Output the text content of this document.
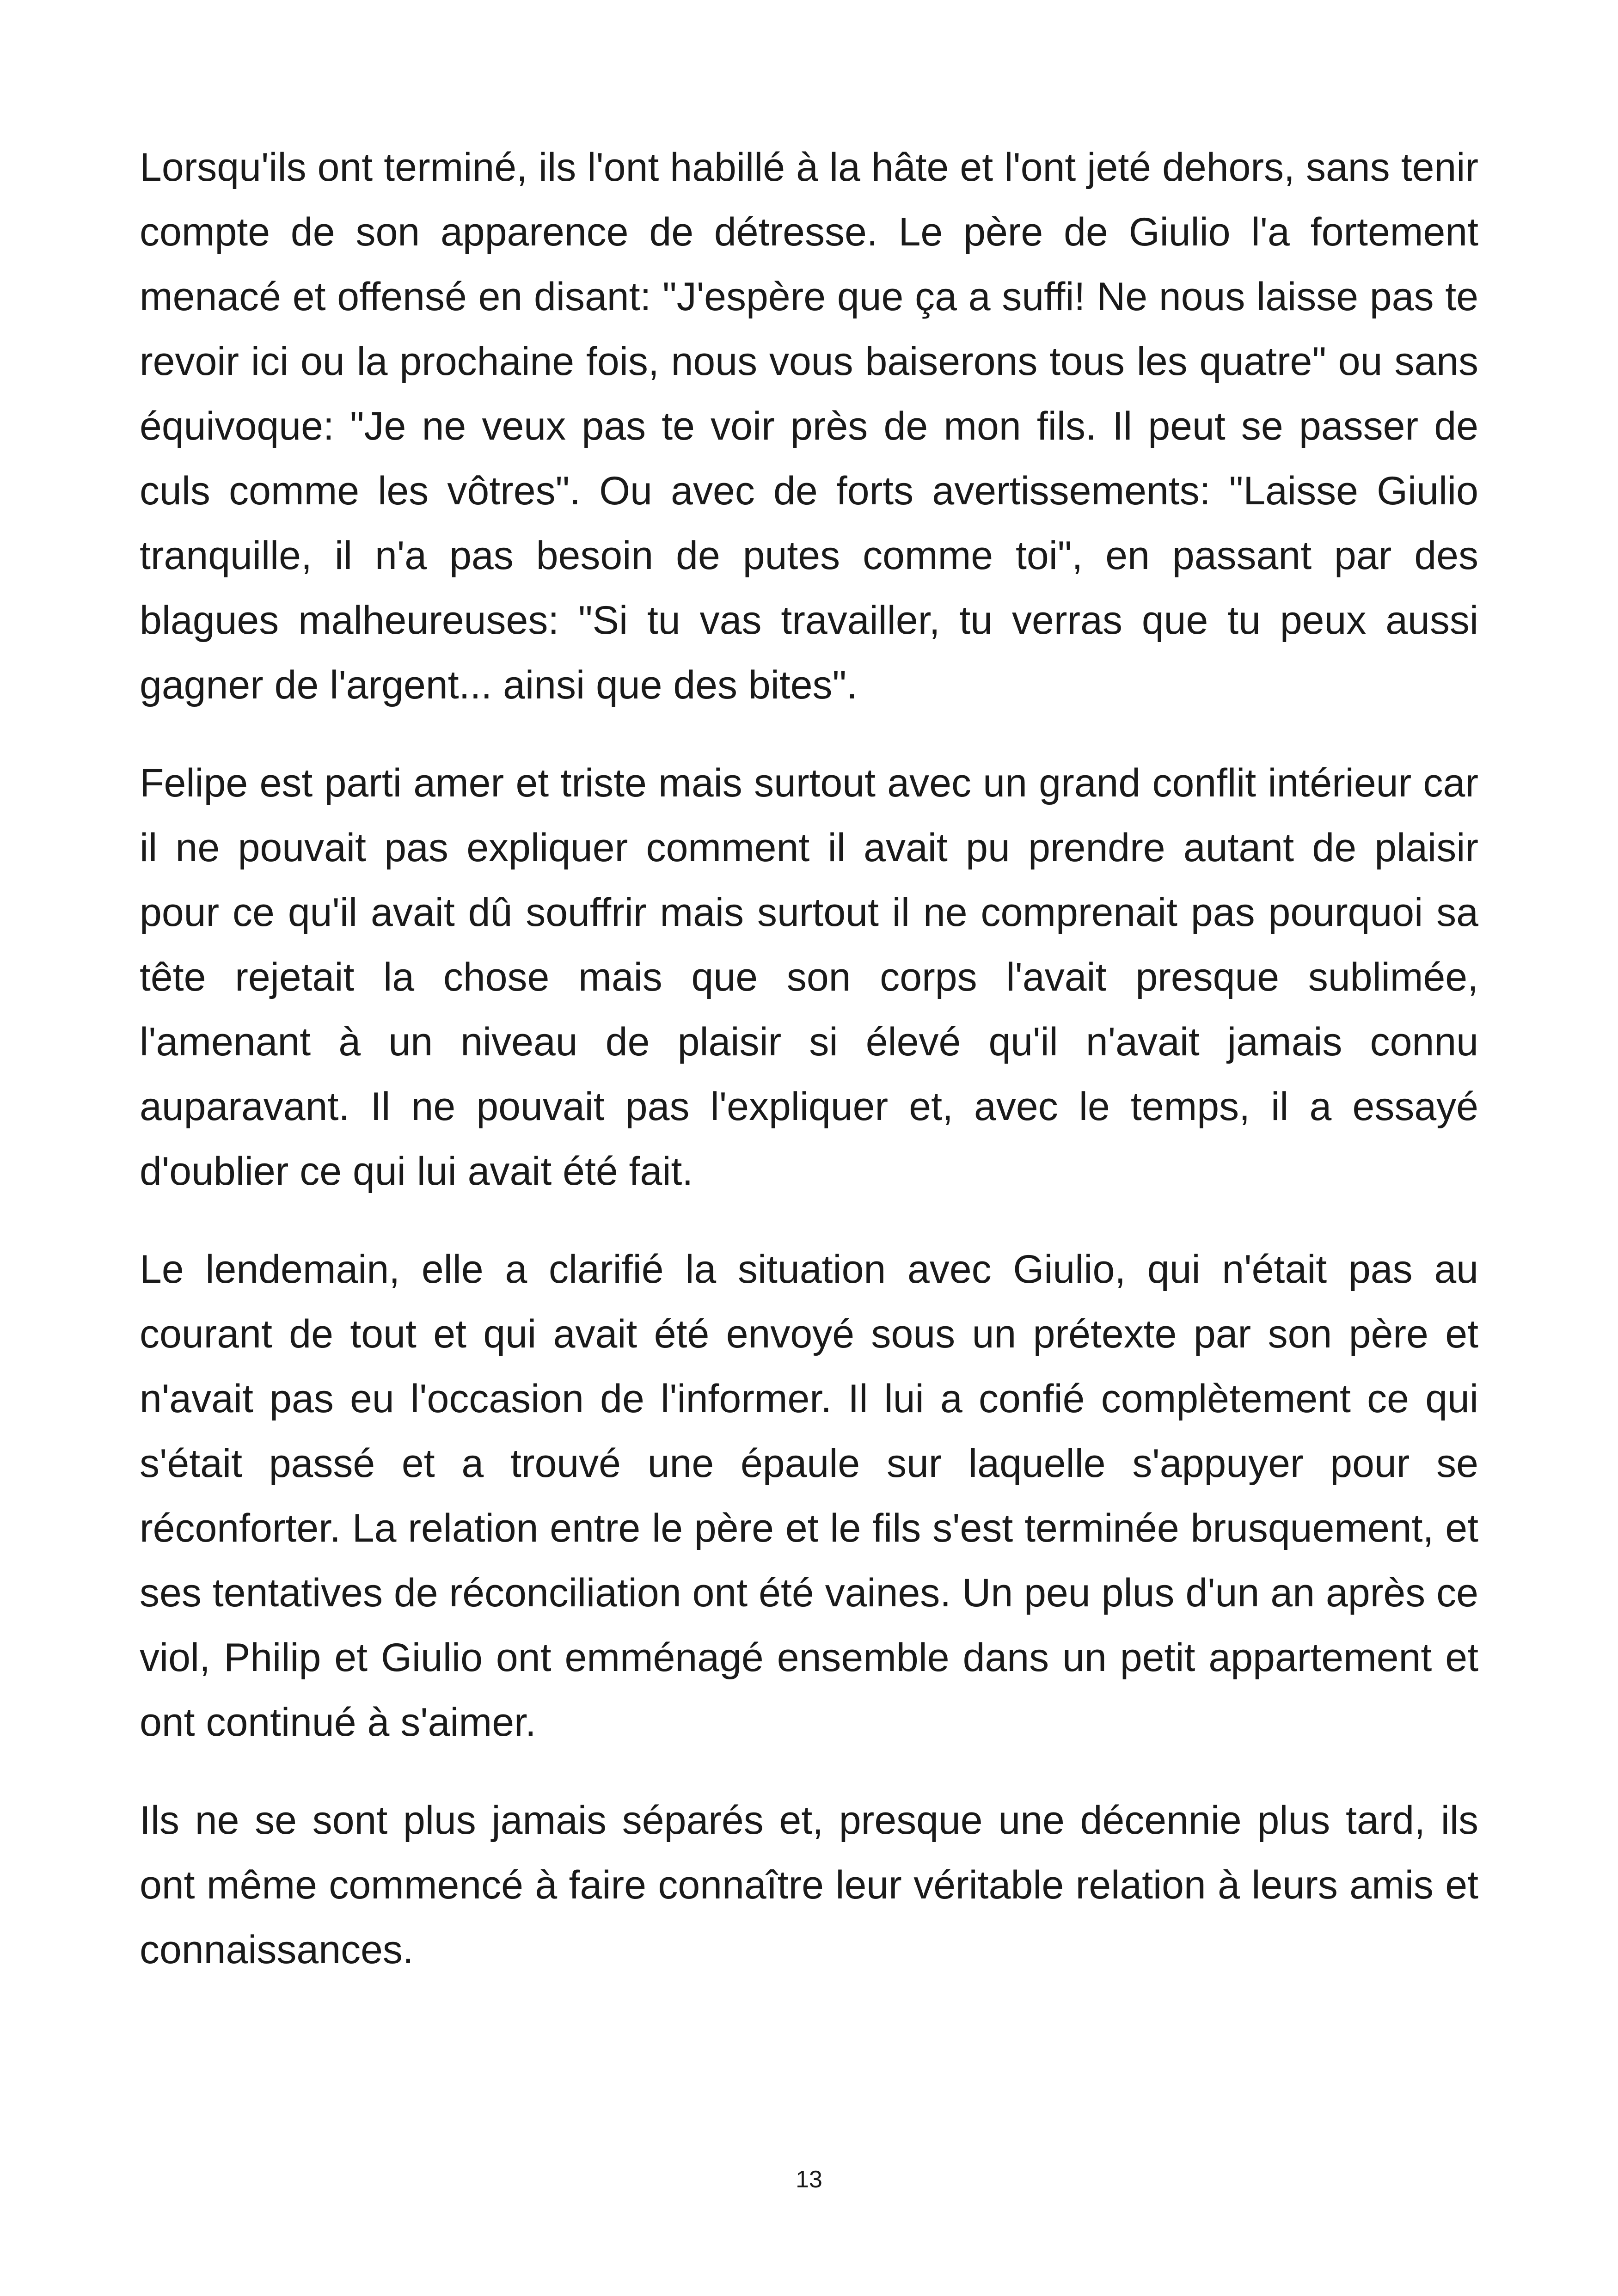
Lorsqu'ils ont terminé, ils l'ont habillé à la hâte et l'ont jeté dehors, sans tenir compte de son apparence de détresse. Le père de Giulio l'a fortement menacé et offensé en disant: "J'espère que ça a suffi! Ne nous laisse pas te revoir ici ou la prochaine fois, nous vous baiserons tous les quatre" ou sans équivoque: "Je ne veux pas te voir près de mon fils. Il peut se passer de culs comme les vôtres". Ou avec de forts avertissements: "Laisse Giulio tranquille, il n'a pas besoin de putes comme toi", en passant par des blagues malheureuses: "Si tu vas travailler, tu verras que tu peux aussi gagner de l'argent... ainsi que des bites".

Felipe est parti amer et triste mais surtout avec un grand conflit intérieur car il ne pouvait pas expliquer comment il avait pu prendre autant de plaisir pour ce qu'il avait dû souffrir mais surtout il ne comprenait pas pourquoi sa tête rejetait la chose mais que son corps l'avait presque sublimée, l'amenant à un niveau de plaisir si élevé qu'il n'avait jamais connu auparavant. Il ne pouvait pas l'expliquer et, avec le temps, il a essayé d'oublier ce qui lui avait été fait.

Le lendemain, elle a clarifié la situation avec Giulio, qui n'était pas au courant de tout et qui avait été envoyé sous un prétexte par son père et n'avait pas eu l'occasion de l'informer. Il lui a confié complètement ce qui s'était passé et a trouvé une épaule sur laquelle s'appuyer pour se réconforter. La relation entre le père et le fils s'est terminée brusquement, et ses tentatives de réconciliation ont été vaines. Un peu plus d'un an après ce viol, Philip et Giulio ont emménagé ensemble dans un petit appartement et ont continué à s'aimer.

Ils ne se sont plus jamais séparés et, presque une décennie plus tard, ils ont même commencé à faire connaître leur véritable relation à leurs amis et connaissances.

13
